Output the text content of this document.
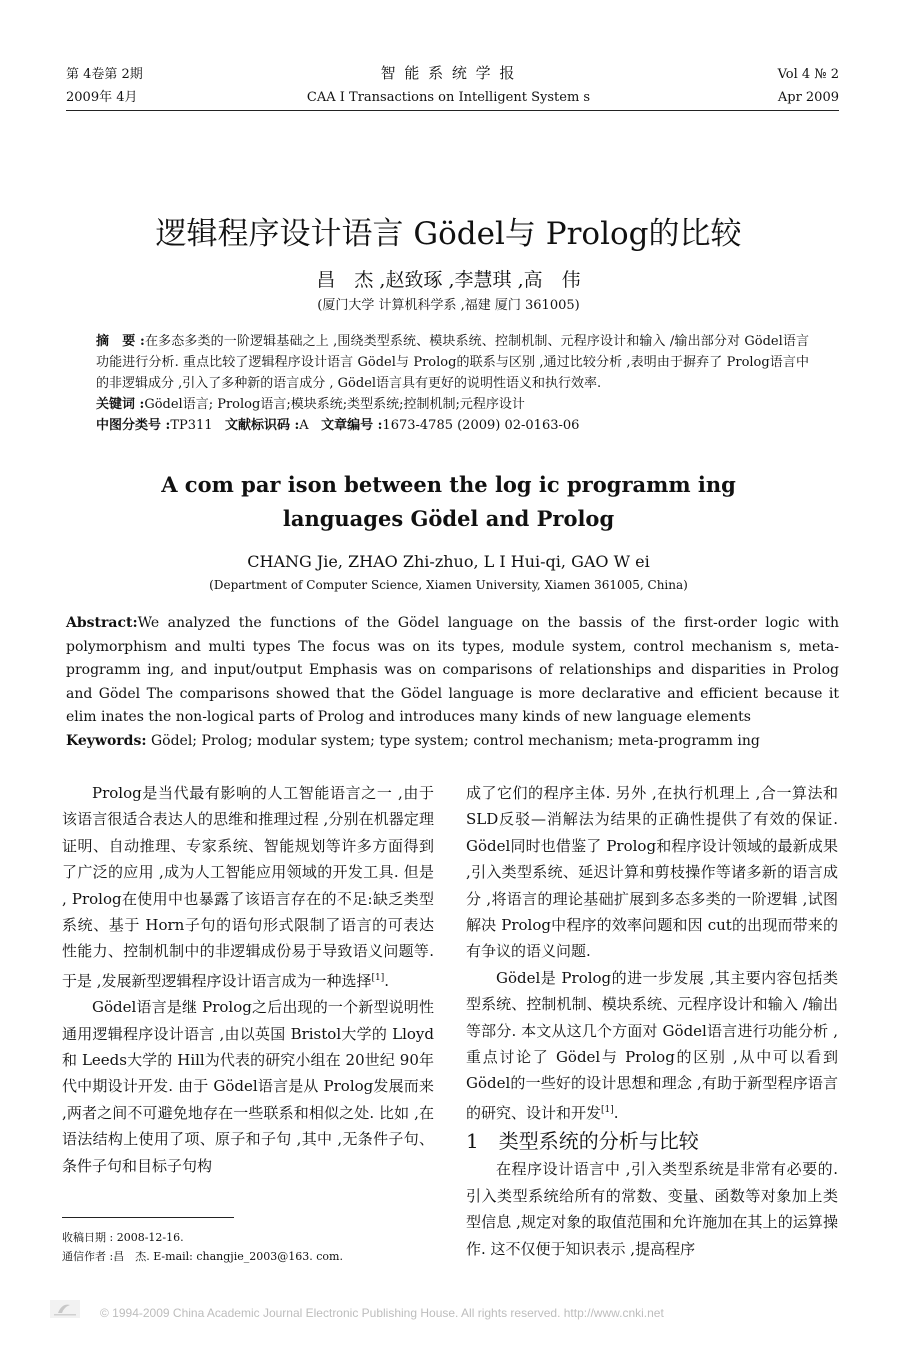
第 4卷第 2期
2009年 4月
智 能 系 统 学 报
CAA I Transactions on Intelligent System s
Vol 4 № 2
Apr 2009
逻辑程序设计语言 Gödel与 Prolog的比较
昌　杰 ,赵致琢 ,李慧琪 ,高　伟
(厦门大学 计算机科学系 ,福建 厦门 361005)

摘　要 :在多态多类的一阶逻辑基础之上 ,围绕类型系统、模块系统、控制机制、元程序设计和输入 /输出部分对 Gödel语言功能进行分析. 重点比较了逻辑程序设计语言 Gödel与 Prolog的联系与区别 ,通过比较分析 ,表明由于摒弃了 Prolog语言中的非逻辑成分 ,引入了多种新的语言成分 , Gödel语言具有更好的说明性语义和执行效率.

关键词 :Gödel语言; Prolog语言;模块系统;类型系统;控制机制;元程序设计

中图分类号 :TP311 文献标识码 :A 文章编号 :1673-4785 (2009) 02-0163-06

A com par ison between the log ic programm ing
languages Gödel and Prolog
CHANG Jie, ZHAO Zhi-zhuo, L I Hui-qi, GAO W ei
(Department of Computer Science, Xiamen University, Xiamen 361005, China)

Abstract:We analyzed the functions of the Gödel language on the bassis of the first-order logic with polymorphism and multi types The focus was on its types, module system, control mechanism s, meta-programm ing, and input/output Emphasis was on comparisons of relationships and disparities in Prolog and Gödel The comparisons showed that the Gödel language is more declarative and efficient because it elim inates the non-logical parts of Prolog and introduces many kinds of new language elements

Keywords: Gödel; Prolog; modular system; type system; control mechanism; meta-programm ing

Prolog是当代最有影响的人工智能语言之一 ,由于该语言很适合表达人的思维和推理过程 ,分别在机器定理证明、自动推理、专家系统、智能规划等许多方面得到了广泛的应用 ,成为人工智能应用领域的开发工具. 但是 , Prolog在使用中也暴露了该语言存在的不足:缺乏类型系统、基于 Horn子句的语句形式限制了语言的可表达性能力、控制机制中的非逻辑成份易于导致语义问题等. 于是 ,发展新型逻辑程序设计语言成为一种选择[1].

Gödel语言是继 Prolog之后出现的一个新型说明性通用逻辑程序设计语言 ,由以英国 Bristol大学的 Lloyd和 Leeds大学的 Hill为代表的研究小组在 20世纪 90年代中期设计开发. 由于 Gödel语言是从 Prolog发展而来 ,两者之间不可避免地存在一些联系和相似之处. 比如 ,在语法结构上使用了项、原子和子句 ,其中 ,无条件子句、条件子句和目标子句构

成了它们的程序主体. 另外 ,在执行机理上 ,合一算法和 SLD反驳—消解法为结果的正确性提供了有效的保证. Gödel同时也借鉴了 Prolog和程序设计领域的最新成果 ,引入类型系统、延迟计算和剪枝操作等诸多新的语言成分 ,将语言的理论基础扩展到多态多类的一阶逻辑 ,试图解决 Prolog中程序的效率问题和因 cut的出现而带来的有争议的语义问题.

Gödel是 Prolog的进一步发展 ,其主要内容包括类型系统、控制机制、模块系统、元程序设计和输入 /输出等部分. 本文从这几个方面对 Gödel语言进行功能分析 ,重点讨论了 Gödel与 Prolog的区别 ,从中可以看到 Gödel的一些好的设计思想和理念 ,有助于新型程序语言的研究、设计和开发[1].

1　类型系统的分析与比较

在程序设计语言中 ,引入类型系统是非常有必要的. 引入类型系统给所有的常数、变量、函数等对象加上类型信息 ,规定对象的取值范围和允许施加在其上的运算操作. 这不仅便于知识表示 ,提高程序

收稿日期 : 2008-12-16.
通信作者 :昌　杰. E-mail: changjie_2003@163. com.
© 1994-2009 China Academic Journal Electronic Publishing House. All rights reserved. http://www.cnki.net
